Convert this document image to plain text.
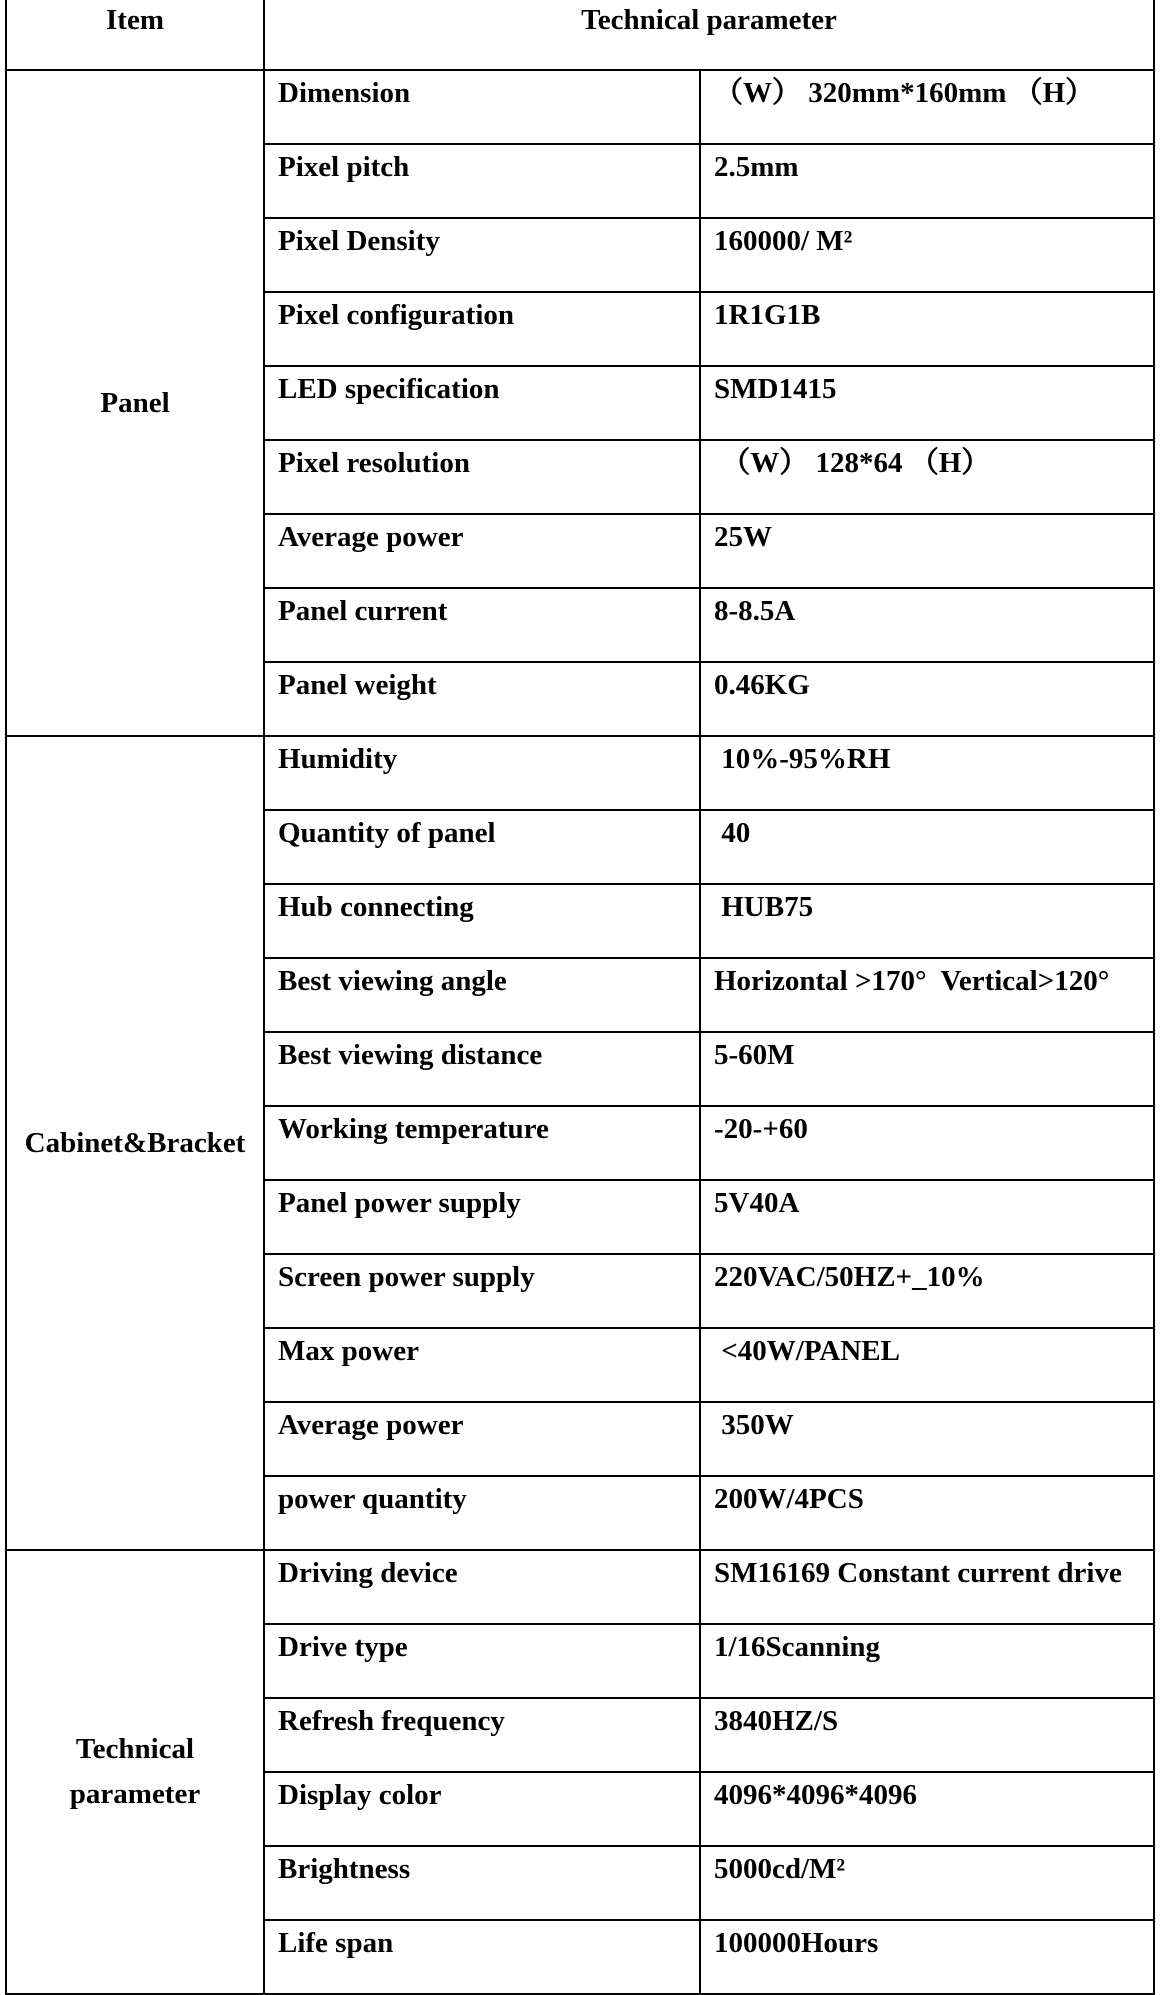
Item	Technical parameter	
Panel	Dimension	（W） 320mm*160mm （H）
	Pixel pitch	2.5mm
	Pixel Density	160000/ M²
	Pixel configuration	1R1G1B
	LED specification	SMD1415
	Pixel resolution	（W） 128*64 （H）
	Average power	25W
	Panel current	8-8.5A
	Panel weight	0.46KG
Cabinet&Bracket	Humidity	10%-95%RH
	Quantity of panel	40
	Hub connecting	HUB75
	Best viewing angle	Horizontal >170°  Vertical>120°
	Best viewing distance	5-60M
	Working temperature	-20-+60
	Panel power supply	5V40A
	Screen power supply	220VAC/50HZ+_10%
	Max power	<40W/PANEL
	Average power	350W
	power quantity	200W/4PCS
Technical parameter	Driving device	SM16169 Constant current drive
	Drive type	1/16Scanning
	Refresh frequency	3840HZ/S
	Display color	4096*4096*4096
	Brightness	5000cd/M²
	Life span	100000Hours
